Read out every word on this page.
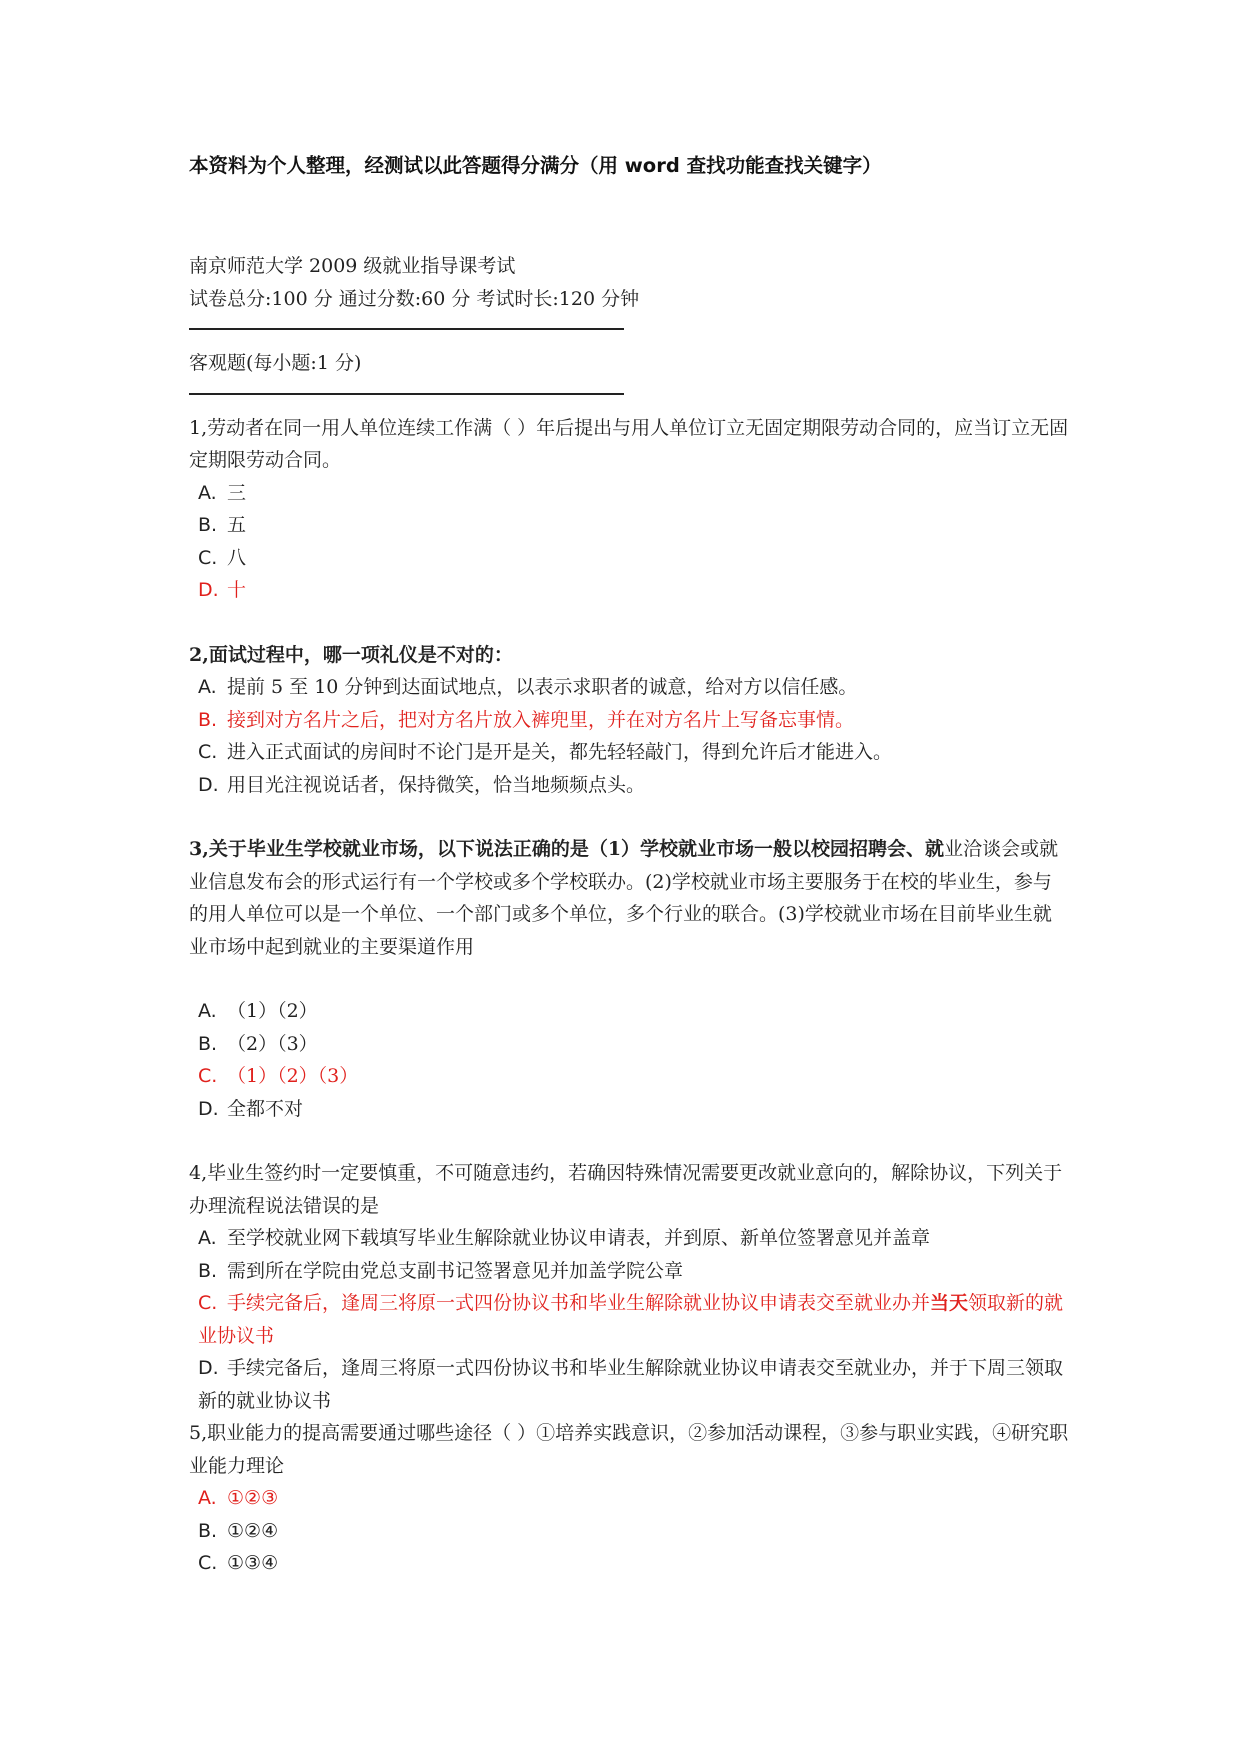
本资料为个人整理，经测试以此答题得分满分（用 word 查找功能查找关键字）
南京师范大学 2009 级就业指导课考试
试卷总分:100 分 通过分数:60 分 考试时长:120 分钟
客观题(每小题:1 分)
1,劳动者在同一用人单位连续工作满（ ）年后提出与用人单位订立无固定期限劳动合同的，应当订立无固定期限劳动合同。
A. 三
B. 五
C. 八
D. 十
2,面试过程中，哪一项礼仪是不对的：
A. 提前 5 至 10 分钟到达面试地点，以表示求职者的诚意，给对方以信任感。
B. 接到对方名片之后，把对方名片放入裤兜里，并在对方名片上写备忘事情。
C. 进入正式面试的房间时不论门是开是关，都先轻轻敲门，得到允许后才能进入。
D. 用目光注视说话者，保持微笑，恰当地频频点头。
3,关于毕业生学校就业市场，以下说法正确的是（1）学校就业市场一般以校园招聘会、就业洽谈会或就业信息发布会的形式运行有一个学校或多个学校联办。(2)学校就业市场主要服务于在校的毕业生，参与的用人单位可以是一个单位、一个部门或多个单位，多个行业的联合。(3)学校就业市场在目前毕业生就业市场中起到就业的主要渠道作用
A. （1）（2）
B. （2）（3）
C. （1）（2）（3）
D. 全都不对
4,毕业生签约时一定要慎重，不可随意违约，若确因特殊情况需要更改就业意向的，解除协议，下列关于办理流程说法错误的是
A. 至学校就业网下载填写毕业生解除就业协议申请表，并到原、新单位签署意见并盖章
B. 需到所在学院由党总支副书记签署意见并加盖学院公章
C. 手续完备后，逢周三将原一式四份协议书和毕业生解除就业协议申请表交至就业办并当天领取新的就业协议书
D. 手续完备后，逢周三将原一式四份协议书和毕业生解除就业协议申请表交至就业办，并于下周三领取新的就业协议书
5,职业能力的提高需要通过哪些途径（ ）①培养实践意识，②参加活动课程，③参与职业实践，④研究职业能力理论
A. ①②③
B. ①②④
C. ①③④
